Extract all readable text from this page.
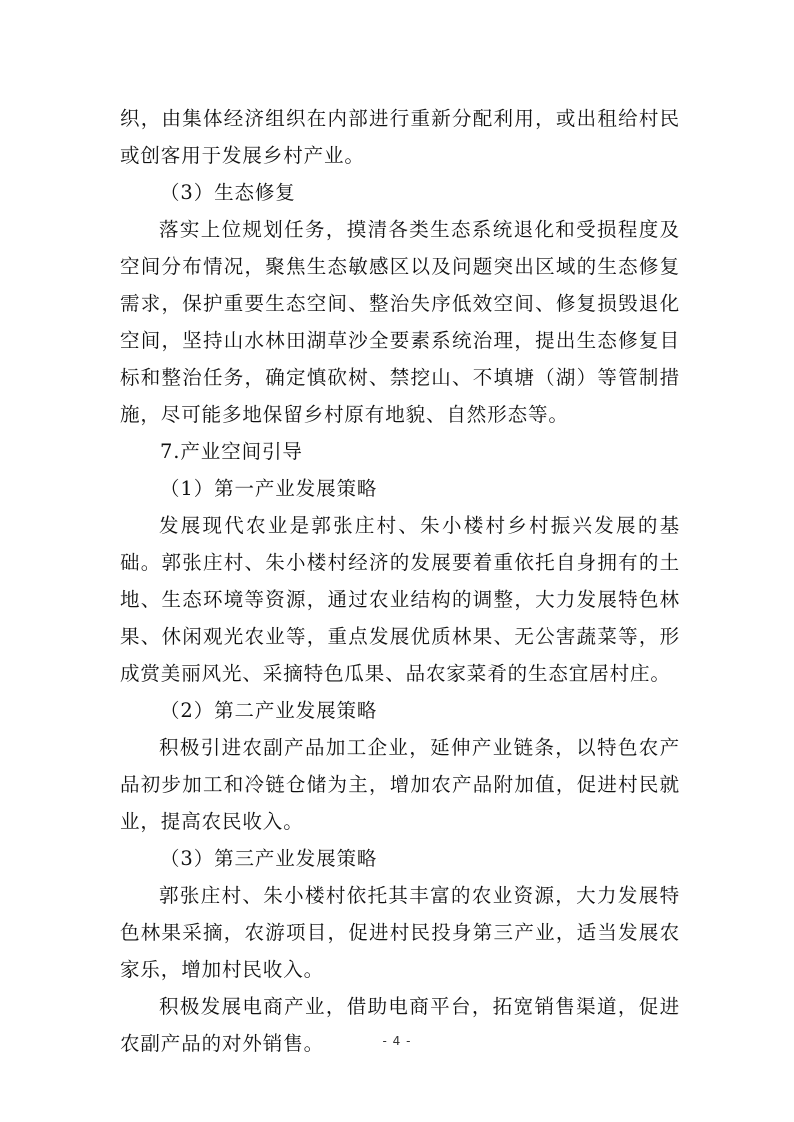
织，由集体经济组织在内部进行重新分配利用，或出租给村民或创客用于发展乡村产业。

（3）生态修复

落实上位规划任务，摸清各类生态系统退化和受损程度及空间分布情况，聚焦生态敏感区以及问题突出区域的生态修复需求，保护重要生态空间、整治失序低效空间、修复损毁退化空间，坚持山水林田湖草沙全要素系统治理，提出生态修复目标和整治任务，确定慎砍树、禁挖山、不填塘（湖）等管制措施，尽可能多地保留乡村原有地貌、自然形态等。

7.产业空间引导

（1）第一产业发展策略

发展现代农业是郭张庄村、朱小楼村乡村振兴发展的基础。郭张庄村、朱小楼村经济的发展要着重依托自身拥有的土地、生态环境等资源，通过农业结构的调整，大力发展特色林果、休闲观光农业等，重点发展优质林果、无公害蔬菜等，形成赏美丽风光、采摘特色瓜果、品农家菜肴的生态宜居村庄。

（2）第二产业发展策略

积极引进农副产品加工企业，延伸产业链条，以特色农产品初步加工和冷链仓储为主，增加农产品附加值，促进村民就业，提高农民收入。

（3）第三产业发展策略

郭张庄村、朱小楼村依托其丰富的农业资源，大力发展特色林果采摘，农游项目，促进村民投身第三产业，适当发展农家乐，增加村民收入。

积极发展电商产业，借助电商平台，拓宽销售渠道，促进农副产品的对外销售。	- 4 -
